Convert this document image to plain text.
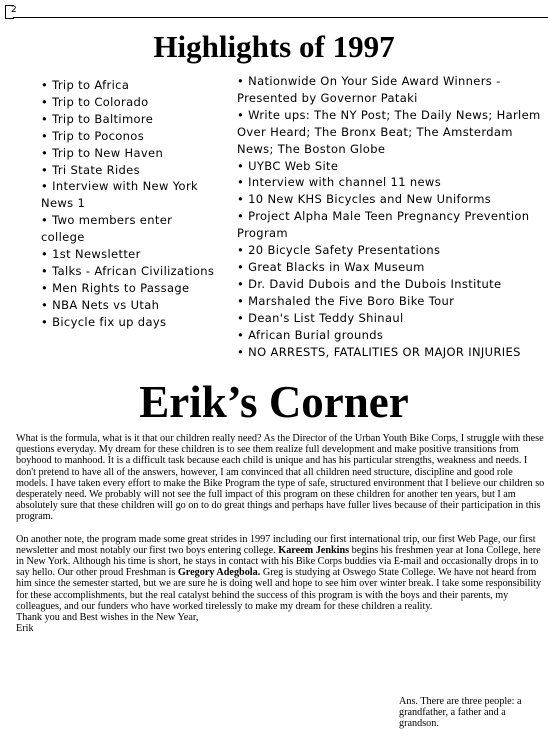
2
Highlights of 1997
• Trip to Africa
• Trip to Colorado
• Trip to Baltimore
• Trip to Poconos
• Trip to New Haven
• Tri State Rides
• Interview with New York News 1
• Two members enter college
• 1st Newsletter
• Talks - African Civilizations
• Men Rights to Passage
• NBA Nets vs Utah
• Bicycle fix up days
• Nationwide On Your Side Award Winners - Presented by Governor Pataki
• Write ups: The NY Post; The Daily News; Harlem Over Heard; The Bronx Beat; The Amsterdam News; The Boston Globe
• UYBC Web Site
• Interview with channel 11 news
• 10 New KHS Bicycles and New Uniforms
• Project Alpha Male Teen Pregnancy Prevention Program
• 20 Bicycle Safety Presentations
• Great Blacks in Wax Museum
• Dr. David Dubois and the Dubois Institute
• Marshaled the Five Boro Bike Tour
• Dean's List Teddy Shinaul
• African Burial grounds
• NO ARRESTS, FATALITIES OR MAJOR INJURIES
Erik’s Corner

What is the formula, what is it that our children really need? As the Director of the Urban Youth Bike Corps, I struggle with these questions everyday. My dream for these children is to see them realize full development and make positive transitions from boyhood to manhood. It is a difficult task because each child is unique and has his particular strengths, weakness and needs. I don't pretend to have all of the answers, however, I am convinced that all children need structure, discipline and good role models. I have taken every effort to make the Bike Program the type of safe, structured environment that I believe our children so desperately need. We probably will not see the full impact of this program on these children for another ten years, but I am absolutely sure that these children will go on to do great things and perhaps have fuller lives because of their participation in this program.

On another note, the program made some great strides in 1997 including our first international trip, our first Web Page, our first newsletter and most notably our first two boys entering college. Kareem Jenkins begins his freshmen year at Iona College, here in New York. Although his time is short, he stays in contact with his Bike Corps buddies via E-mail and occasionally drops in to say hello. Our other proud Freshman is Gregory Adegbola. Greg is studying at Oswego State College. We have not heard from him since the semester started, but we are sure he is doing well and hope to see him over winter break. I take some responsibility for these accomplishments, but the real catalyst behind the success of this program is with the boys and their parents, my colleagues, and our funders who have worked tirelessly to make my dream for these children a reality.

Thank you and Best wishes in the New Year,

Erik

Ans. There are three people: a grandfather, a father and a grandson.
